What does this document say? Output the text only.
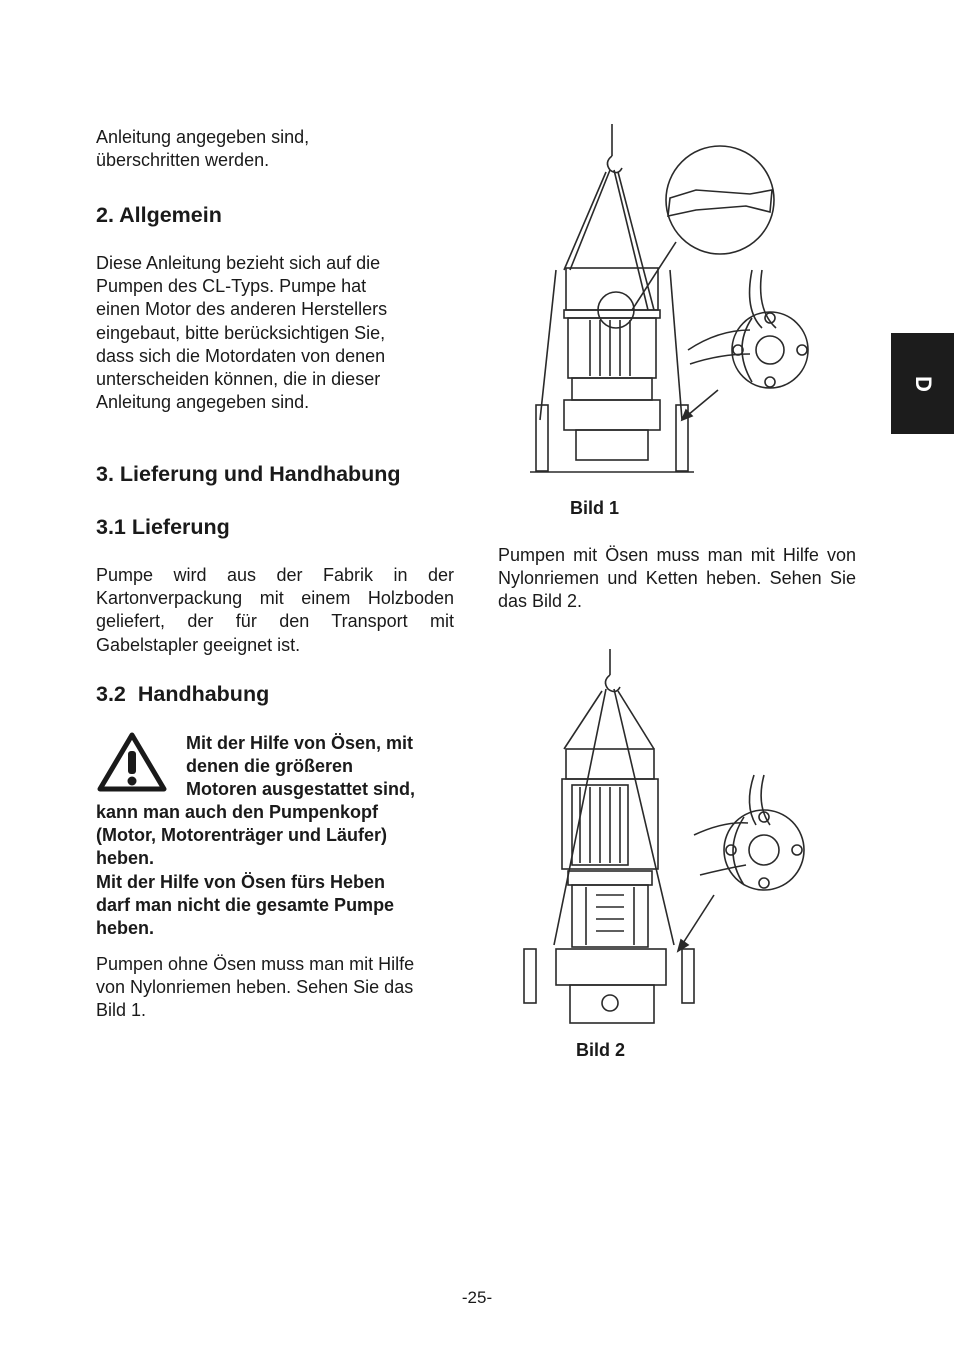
Anleitung angegeben sind,

überschritten werden.

2. Allgemein

Diese Anleitung bezieht sich auf die

Pumpen des CL-Typs. Pumpe hat

einen Motor des anderen Herstellers

eingebaut, bitte berücksichtigen Sie,

dass sich die Motordaten von denen

unterscheiden können, die in dieser

Anleitung angegeben sind.

3. Lieferung und Handhabung
3.1 Lieferung

Pumpe wird aus der Fabrik in der Kartonverpackung mit einem Holzboden geliefert, der für den Transport mit Gabelstapler geeignet ist.

3.2  Handhabung
Mit der Hilfe von Ösen, mit
denen die größeren
Motoren ausgestattet sind,
kann man auch den Pumpenkopf
(Motor, Motorenträger und Läufer)
heben.
Mit der Hilfe von Ösen fürs Heben
darf man nicht die gesamte Pumpe
heben.

Pumpen ohne Ösen muss man mit Hilfe

von Nylonriemen heben. Sehen Sie das

Bild 1.

Bild 1

Pumpen mit Ösen muss man mit Hilfe von Nylonriemen und Ketten heben. Sehen Sie das Bild 2.

Bild 2
D
-25-
